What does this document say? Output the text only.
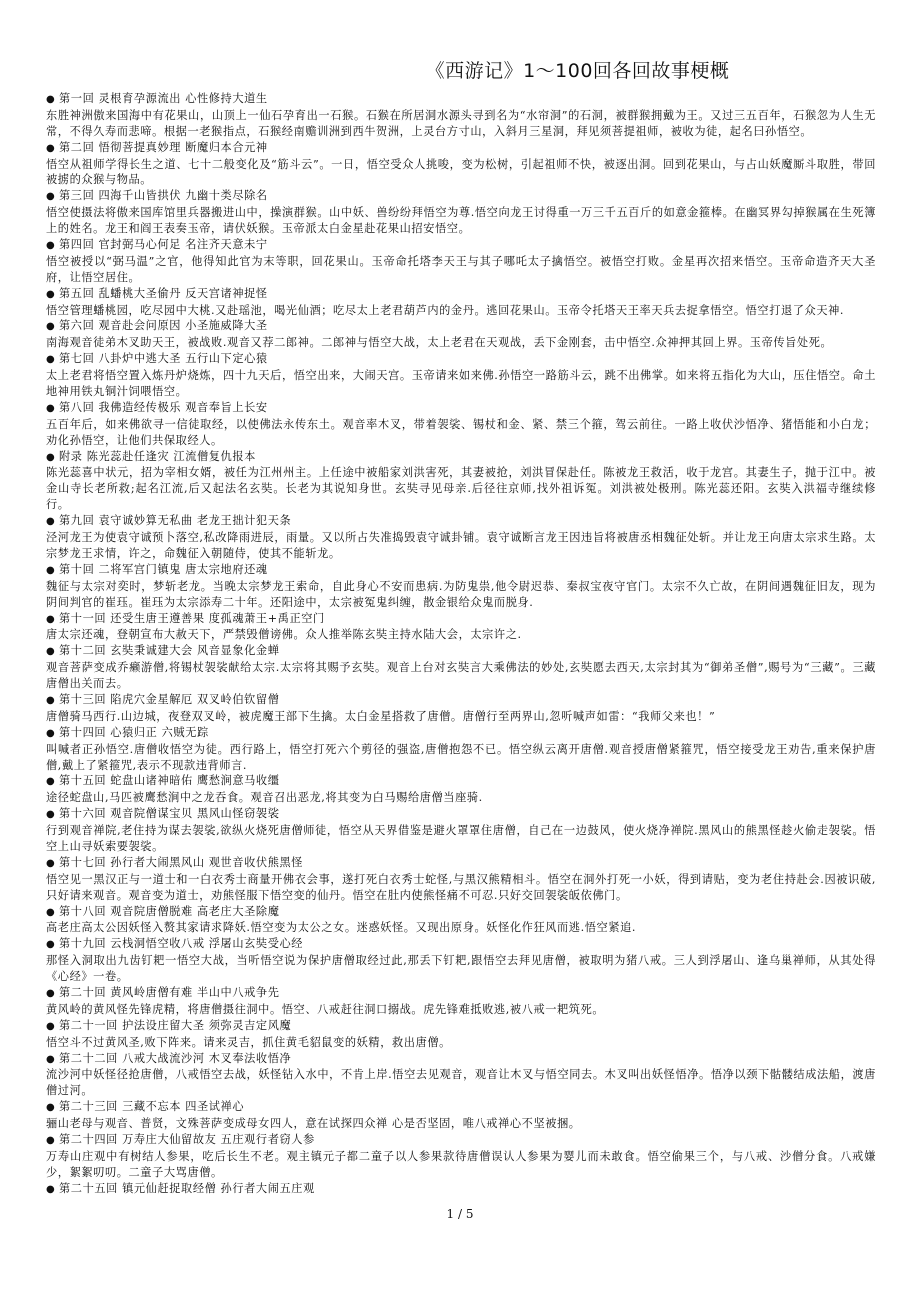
《西游记》1～100回各回故事梗概
● 第一回 灵根育孕源流出 心性修持大道生
东胜神洲傲来国海中有花果山，山顶上一仙石孕育出一石猴。石猴在所居洞水源头寻到名为“水帘洞”的石洞，被群猴拥戴为王。又过三五百年，石猴忽为人生无常，不得久寿而悲啼。根据一老猴指点，石猴经南赡训洲到西牛贺洲，上灵台方寸山，入斜月三星洞，拜见须菩提祖师，被收为徒，起名曰孙悟空。
● 第二回 悟彻菩提真妙理 断魔归本合元神
悟空从祖师学得长生之道、七十二般变化及“筋斗云”。一日，悟空受众人挑唆，变为松树，引起祖师不快，被逐出洞。回到花果山，与占山妖魔厮斗取胜，带回被掳的众猴与物品。
● 第三回 四海千山皆拱伏 九幽十类尽除名
悟空使摄法将傲来国库馆里兵器搬进山中，操演群猴。山中妖、兽纷纷拜悟空为尊.悟空向龙王讨得重一万三千五百斤的如意金箍棒。在幽冥界勾掉猴属在生死簿上的姓名。龙王和阎王表奏玉帝，请伏妖猴。玉帝派太白金星赴花果山招安悟空。
● 第四回 官封弼马心何足 名注齐天意未宁
悟空被授以“弼马温”之官，他得知此官为末等职，回花果山。玉帝命托塔李天王与其子哪吒太子擒悟空。被悟空打败。金星再次招来悟空。玉帝命造齐天大圣府，让悟空居住。
● 第五回 乱蟠桃大圣偷丹 反天宫诸神捉怪
悟空管理蟠桃园，吃尽园中大桃.又赴瑶池，喝光仙酒；吃尽太上老君葫芦内的金丹。逃回花果山。玉帝令托塔天王率天兵去捉拿悟空。悟空打退了众天神.
● 第六回 观音赴会问原因 小圣施威降大圣
南海观音徒弟木叉助天王，被战败.观音又荐二郎神。二郎神与悟空大战，太上老君在天观战，丢下金刚套，击中悟空.众神押其回上界。玉帝传旨处死。
● 第七回 八卦炉中逃大圣 五行山下定心猿
太上老君将悟空置入炼丹炉烧炼，四十九天后，悟空出来，大闹天宫。玉帝请来如来佛.孙悟空一路筋斗云，跳不出佛掌。如来将五指化为大山，压住悟空。命土地神用铁丸铜汁饲喂悟空。
● 第八回 我佛造经传极乐 观音奉旨上长安
五百年后，如来佛欲寻一信徒取经，以使佛法永传东土。观音率木叉，带着袈裟、锡杖和金、紧、禁三个箍，驾云前往。一路上收伏沙悟净、猪悟能和小白龙；劝化孙悟空，让他们共保取经人。
● 附录 陈光蕊赴任逢灾 江流僧复仇报本
陈光蕊喜中状元，招为宰相女婿，被任为江州州主。上任途中被船家刘洪害死，其妻被抢，刘洪冒保赴任。陈被龙王救活，收于龙宫。其妻生子，抛于江中。被金山寺长老所救;起名江流,后又起法名玄奘。长老为其说知身世。玄奘寻见母亲.后径往京师,找外祖诉冤。刘洪被处极刑。陈光蕊还阳。玄奘入洪福寺继续修行。
● 第九回 袁守诚妙算无私曲 老龙王拙计犯天条
泾河龙王为使袁守诚预卜落空,私改降雨进辰，雨量。又以所占失准捣毁袁守诚卦铺。袁守诚断言龙王因违旨将被唐丞相魏征处斩。并让龙王向唐太宗求生路。太宗梦龙王求情，许之，命魏征入朝随侍，使其不能斩龙。
● 第十回 二将军宫门镇鬼 唐太宗地府还魂
魏征与太宗对奕时，梦斩老龙。当晚太宗梦龙王索命，自此身心不安而患病.为防鬼祟,他令尉迟恭、秦叔宝夜守官门。太宗不久亡故，在阴间遇魏征旧友，现为阴间判官的崔珏。崔珏为太宗添寿二十年。还阳途中，太宗被冤鬼纠缠，散金银给众鬼而脱身.
● 第十一回 还受生唐王遵善果 度孤魂萧王+禹正空门
唐太宗还魂，登朝宣布大赦天下，严禁毁僧谤佛。众人推举陈玄奘主持水陆大会，太宗许之.
● 第十二回 玄奘秉诚建大会 风音显象化金蝉
观音菩萨变成乔癞游僧,将锡杖袈裟献给太宗.太宗将其赐予玄奘。观音上台对玄奘言大乘佛法的妙处,玄奘愿去西天,太宗封其为“御弟圣僧”,赐号为“三藏”。三藏唐僧出关而去。
● 第十三回 陷虎穴金星解厄 双叉岭伯钦留僧
唐僧骑马西行.山边城，夜登双叉岭，被虎魔王部下生擒。太白金星搭救了唐僧。唐僧行至两界山,忽听喊声如雷：“我师父来也！”
● 第十四回 心猿归正 六贼无踪
叫喊者正孙悟空.唐僧收悟空为徒。西行路上，悟空打死六个剪径的强盗,唐僧抱怨不已。悟空纵云离开唐僧.观音授唐僧紧箍咒，悟空接受龙王劝告,重来保护唐僧,戴上了紧箍咒,表示不现款违背师言.
● 第十五回 蛇盘山诸神暗佑 鹰愁涧意马收缰
途径蛇盘山,马匹被鹰愁涧中之龙吞食。观音召出恶龙,将其变为白马赐给唐僧当座骑.
● 第十六回 观音院僧谋宝贝 黑风山怪窃袈裟
行到观音禅院,老住持为谋去袈裟,欲纵火烧死唐僧师徒，悟空从天界借鉴是避火罩罩住唐僧，自己在一边鼓风，使火烧净禅院.黑风山的熊黑怪趁火偷走袈裟。悟空上山寻妖索要袈裟。
● 第十七回 孙行者大闹黑风山 观世音收伏熊黑怪
悟空见一黑汉正与一道士和一白衣秀士商量开佛衣会事，遂打死白衣秀士蛇怪,与黑汉熊精相斗。悟空在洞外打死一小妖，得到请贴，变为老住持赴会.因被识破,只好请来观音。观音变为道士，劝熊怪服下悟空变的仙丹。悟空在肚内使熊怪痛不可忍.只好交回袈裟皈依佛门。
● 第十八回 观音院唐僧脱难 高老庄大圣除魔
高老庄高太公因妖怪入赘其家请求降妖.悟空变为太公之女。迷惑妖怪。又现出原身。妖怪化作狂风而逃.悟空紧追.
● 第十九回 云栈洞悟空收八戒 浮屠山玄奘受心经
那怪入洞取出九齿钉耙一悟空大战，当听悟空说为保护唐僧取经过此,那丢下钉耙,跟悟空去拜见唐僧，被取明为猪八戒。三人到浮屠山、逢乌巢禅师，从其处得《心经》一卷。
● 第二十回 黄风岭唐僧有难 半山中八戒争先
黄风岭的黄风怪先锋虎精，将唐僧摄往洞中。悟空、八戒赶往洞口搦战。虎先锋难抵败逃,被八戒一耙筑死。
● 第二十一回 护法设庄留大圣 须弥灵吉定风魔
悟空斗不过黄风圣,败下阵来。请来灵吉，抓住黄毛貂鼠变的妖精，救出唐僧。
● 第二十二回 八戒大战流沙河 木叉奉法收悟净
流沙河中妖怪径抢唐僧，八戒悟空去战，妖怪钻入水中，不肯上岸.悟空去见观音，观音让木叉与悟空同去。木叉叫出妖怪悟净。悟净以颈下骷髅结成法船，渡唐僧过河。
● 第二十三回 三藏不忘本 四圣试禅心
骊山老母与观音、普贤，文殊菩萨变成母女四人，意在试探四众禅 心是否坚固，唯八戒禅心不坚被捆。
● 第二十四回 万寿庄大仙留故友 五庄观行者窃人参
万寿山庄观中有树结人参果，吃后长生不老。观主镇元子都二童子以人参果款待唐僧误认人参果为婴儿而未敢食。悟空偷果三个，与八戒、沙僧分食。八戒嫌少，絮絮叨叨。二童子大骂唐僧。
● 第二十五回 镇元仙赶捉取经僧 孙行者大闹五庄观
1 / 5
